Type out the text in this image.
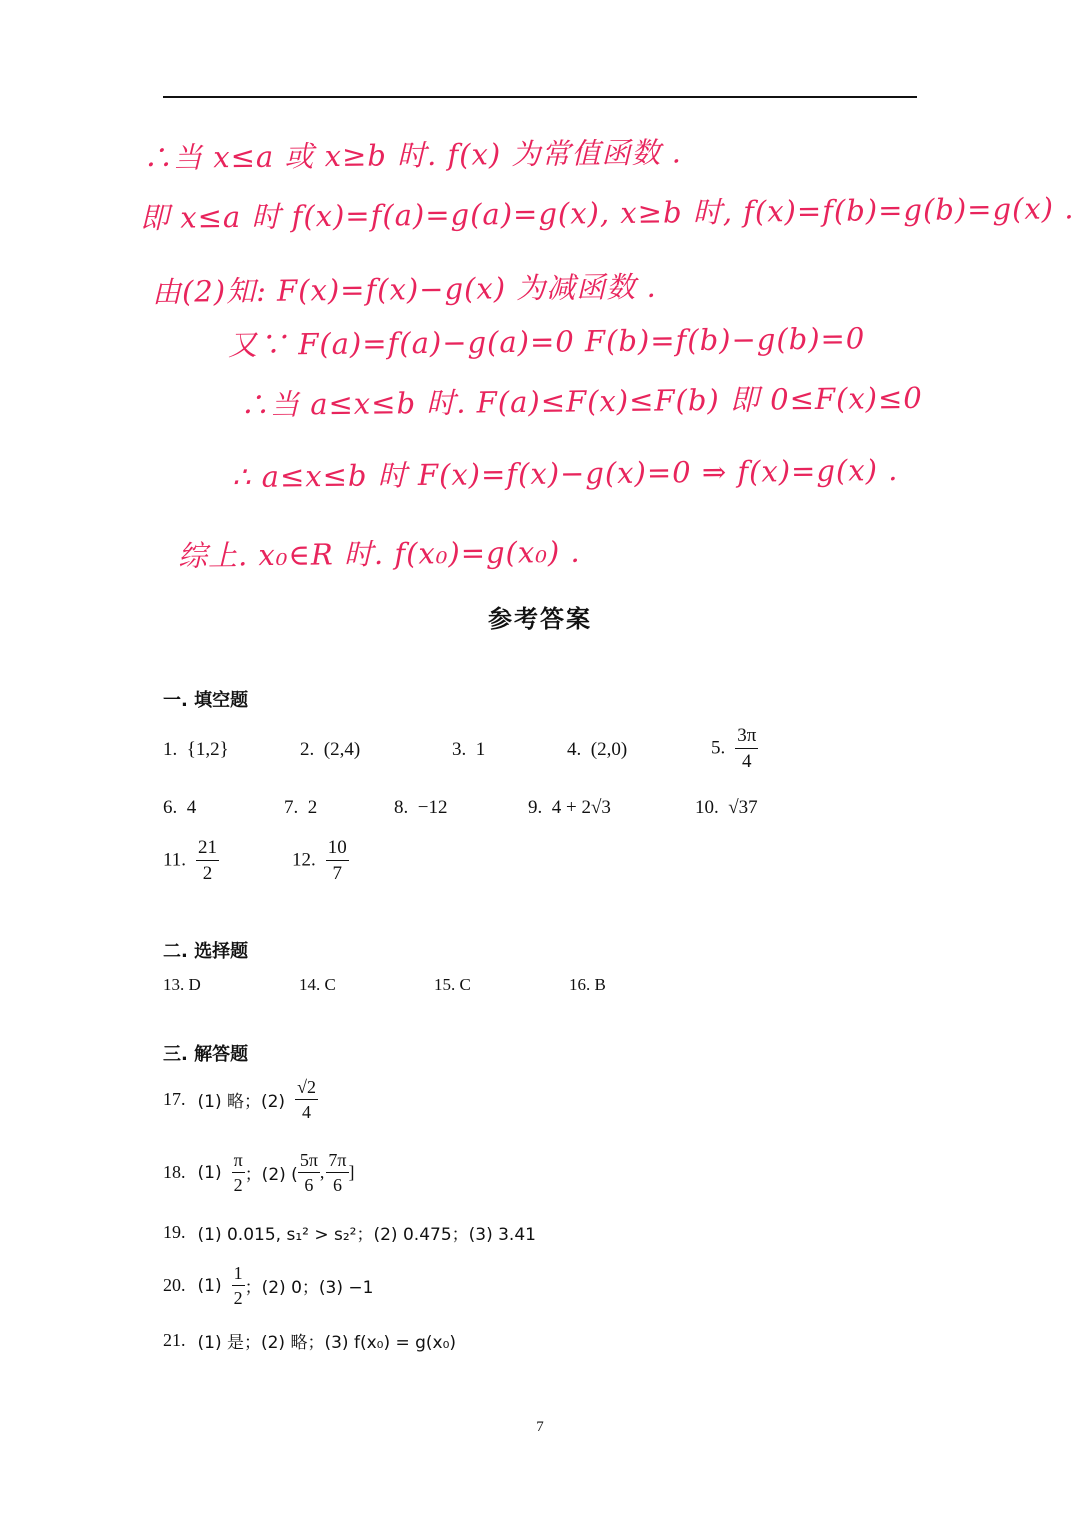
∴当 x≤a 或 x≥b 时. f(x) 为常值函数 .
即 x≤a 时 f(x)=f(a)=g(a)=g(x), x≥b 时, f(x)=f(b)=g(b)=g(x) .
由(2)知: F(x)=f(x)−g(x) 为减函数 .
又∵ F(a)=f(a)−g(a)=0 F(b)=f(b)−g(b)=0
∴当 a≤x≤b 时. F(a)≤F(x)≤F(b) 即 0≤F(x)≤0
∴ a≤x≤b 时 F(x)=f(x)−g(x)=0 ⇒ f(x)=g(x) .
综上. x₀∈R 时. f(x₀)=g(x₀) .
参考答案
一. 填空题
1. {1,2}	2. (2,4)	3. 1	4. (2,0)	5. $\frac{3\pi}{4}$
6. 4	7. 2	8. −12	9. 4 + 2√3	10. √37
11. $\frac{21}{2}$	12. $\frac{10}{7}$
二. 选择题
13. D	14. C	15. C	16. B
三. 解答题
17. (1) 略；$(2) \frac{√2}{4}$
18. $(1) \frac{\pi}{2}$ ；(2) ( $\frac{5\pi}{6}$ , $\frac{7\pi}{6}$ ]
19. (1) 0.015, s₁² > s₂²；(2) 0.475；(3) 3.41
20. $(1) \frac{1}{2}$ ；(2) 0；(3) −1
21. (1) 是；(2) 略；(3) f(x₀) = g(x₀)
7
